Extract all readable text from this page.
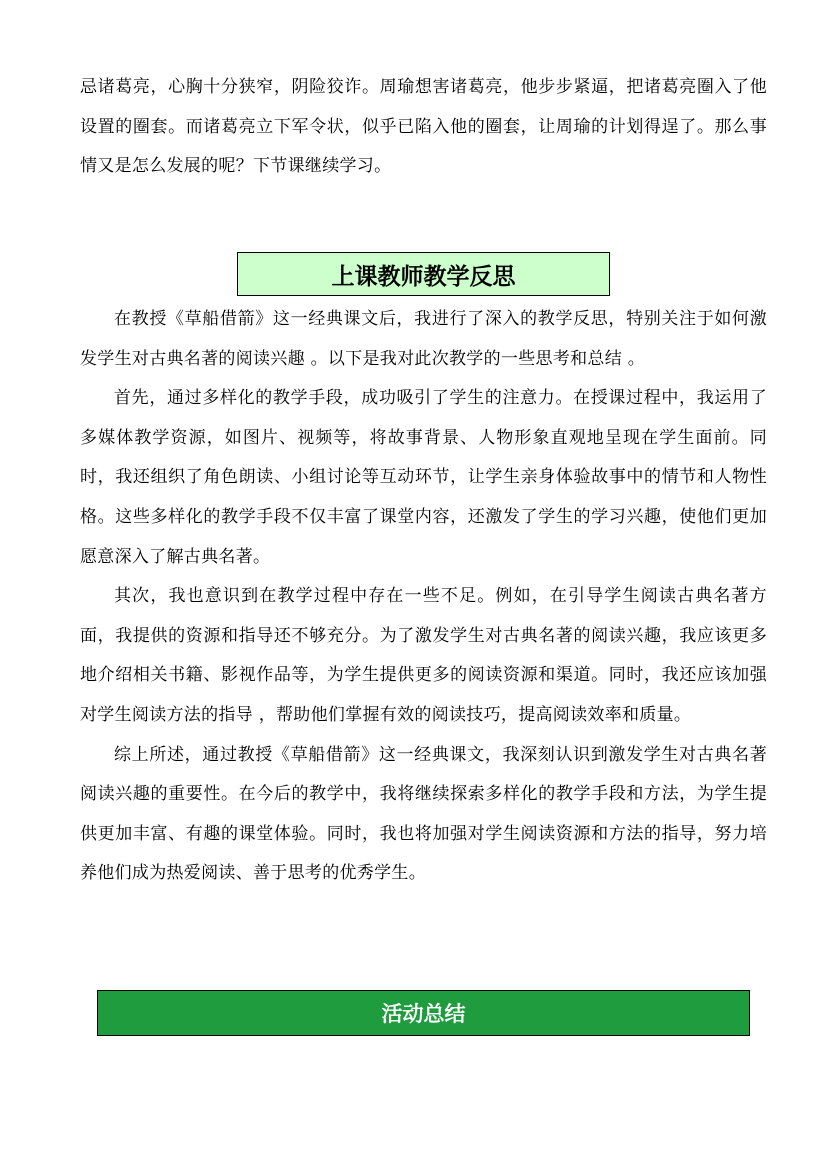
忌诸葛亮，心胸十分狭窄，阴险狡诈。周瑜想害诸葛亮，他步步紧逼，把诸葛亮圈入了他设置的圈套。而诸葛亮立下军令状，似乎已陷入他的圈套，让周瑜的计划得逞了。那么事情又是怎么发展的呢？下节课继续学习。

上课教师教学反思

在教授《草船借箭》这一经典课文后，我进行了深入的教学反思，特别关注于如何激发学生对古典名著的阅读兴趣 。以下是我对此次教学的一些思考和总结 。

首先，通过多样化的教学手段，成功吸引了学生的注意力。在授课过程中，我运用了多媒体教学资源，如图片、视频等，将故事背景、人物形象直观地呈现在学生面前。同时，我还组织了角色朗读、小组讨论等互动环节，让学生亲身体验故事中的情节和人物性格。这些多样化的教学手段不仅丰富了课堂内容，还激发了学生的学习兴趣，使他们更加愿意深入了解古典名著。

其次，我也意识到在教学过程中存在一些不足。例如，在引导学生阅读古典名著方面，我提供的资源和指导还不够充分。为了激发学生对古典名著的阅读兴趣，我应该更多地介绍相关书籍、影视作品等，为学生提供更多的阅读资源和渠道。同时，我还应该加强对学生阅读方法的指导 ，帮助他们掌握有效的阅读技巧，提高阅读效率和质量。

综上所述，通过教授《草船借箭》这一经典课文，我深刻认识到激发学生对古典名著阅读兴趣的重要性。在今后的教学中，我将继续探索多样化的教学手段和方法，为学生提供更加丰富、有趣的课堂体验。同时，我也将加强对学生阅读资源和方法的指导，努力培养他们成为热爱阅读、善于思考的优秀学生。

活动总结
